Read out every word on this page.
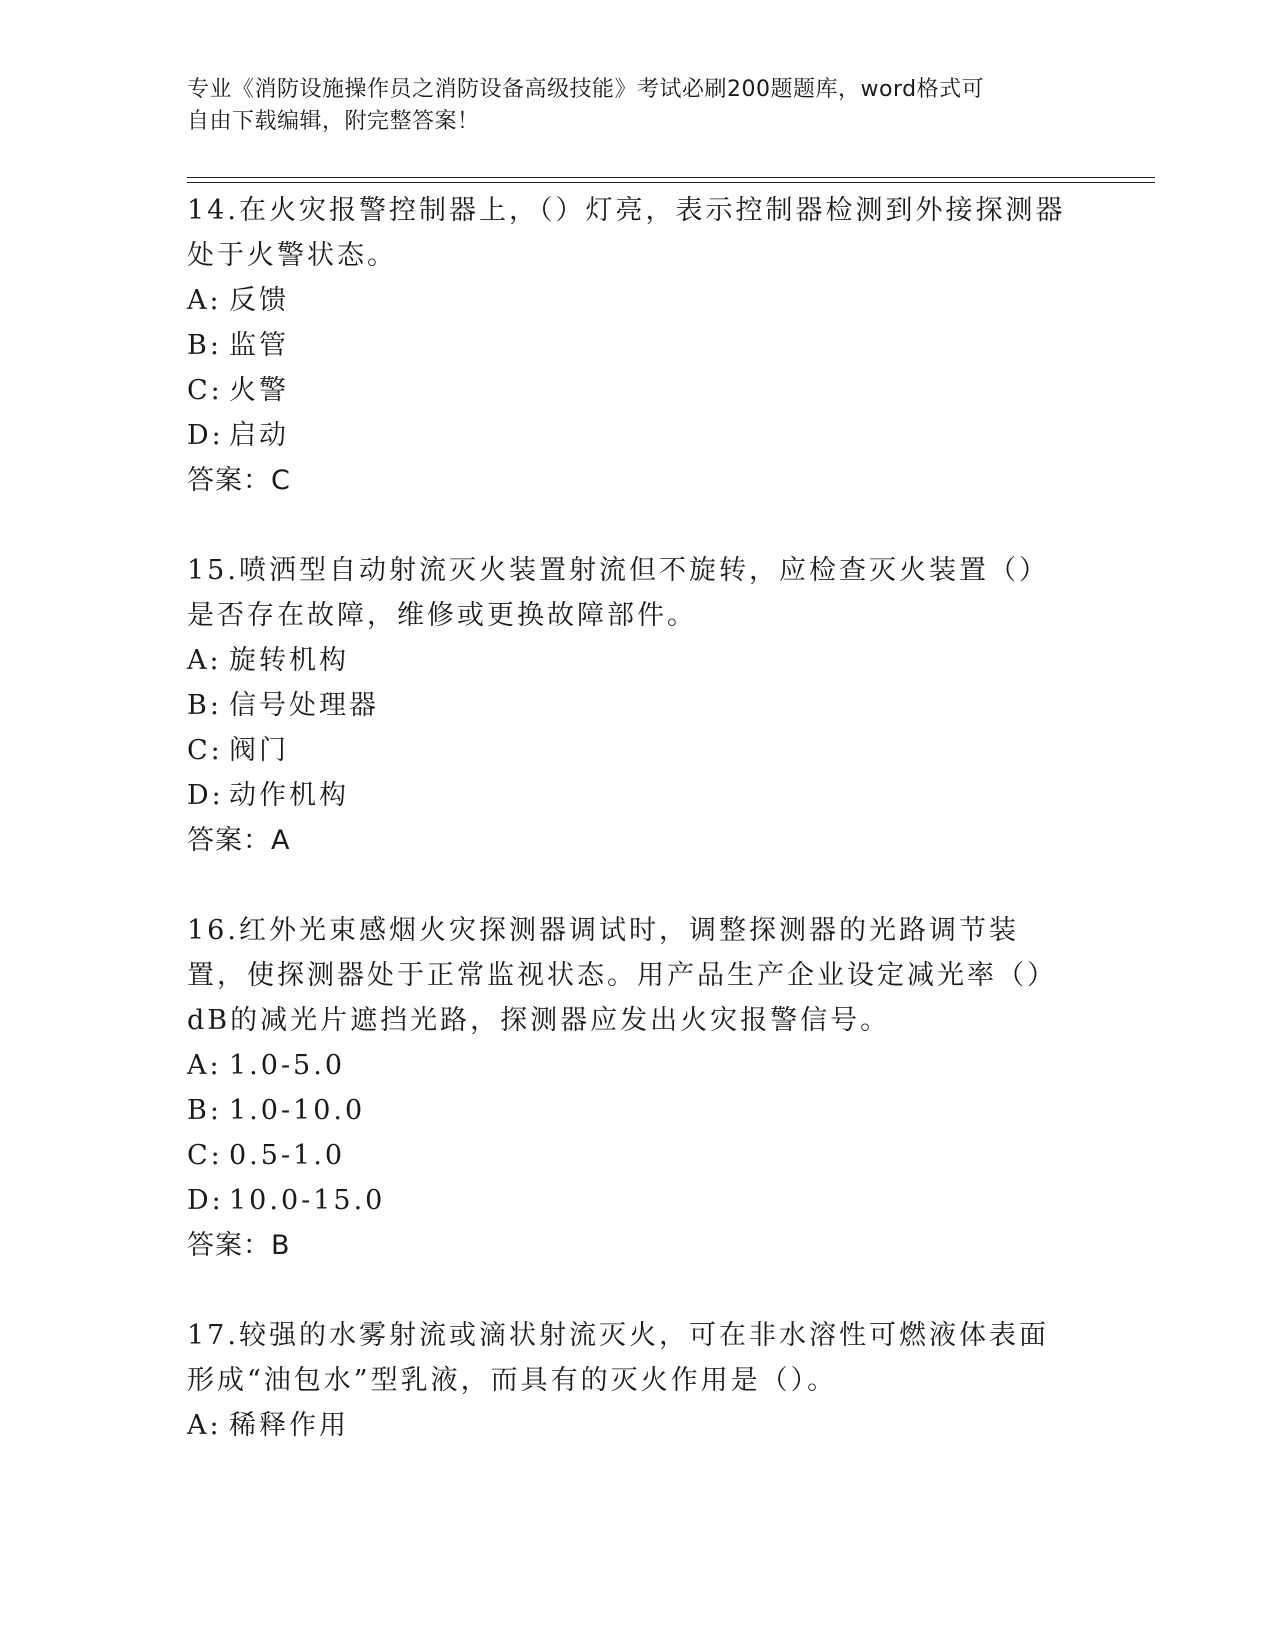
专业《消防设施操作员之消防设备高级技能》考试必刷200题题库，word格式可
自由下载编辑，附完整答案！

14.在火灾报警控制器上，（）灯亮，表示控制器检测到外接探测器处于火警状态。

A: 反馈

B: 监管

C: 火警

D: 启动

答案：C

15.喷洒型自动射流灭火装置射流但不旋转，应检查灭火装置（）是否存在故障，维修或更换故障部件。

A: 旋转机构

B: 信号处理器

C: 阀门

D: 动作机构

答案：A

16.红外光束感烟火灾探测器调试时，调整探测器的光路调节装置，使探测器处于正常监视状态。用产品生产企业设定减光率（）dB的减光片遮挡光路，探测器应发出火灾报警信号。

A: 1.0-5.0

B: 1.0-10.0

C: 0.5-1.0

D: 10.0-15.0

答案：B

17.较强的水雾射流或滴状射流灭火，可在非水溶性可燃液体表面形成“油包水”型乳液，而具有的灭火作用是（）。

A: 稀释作用
